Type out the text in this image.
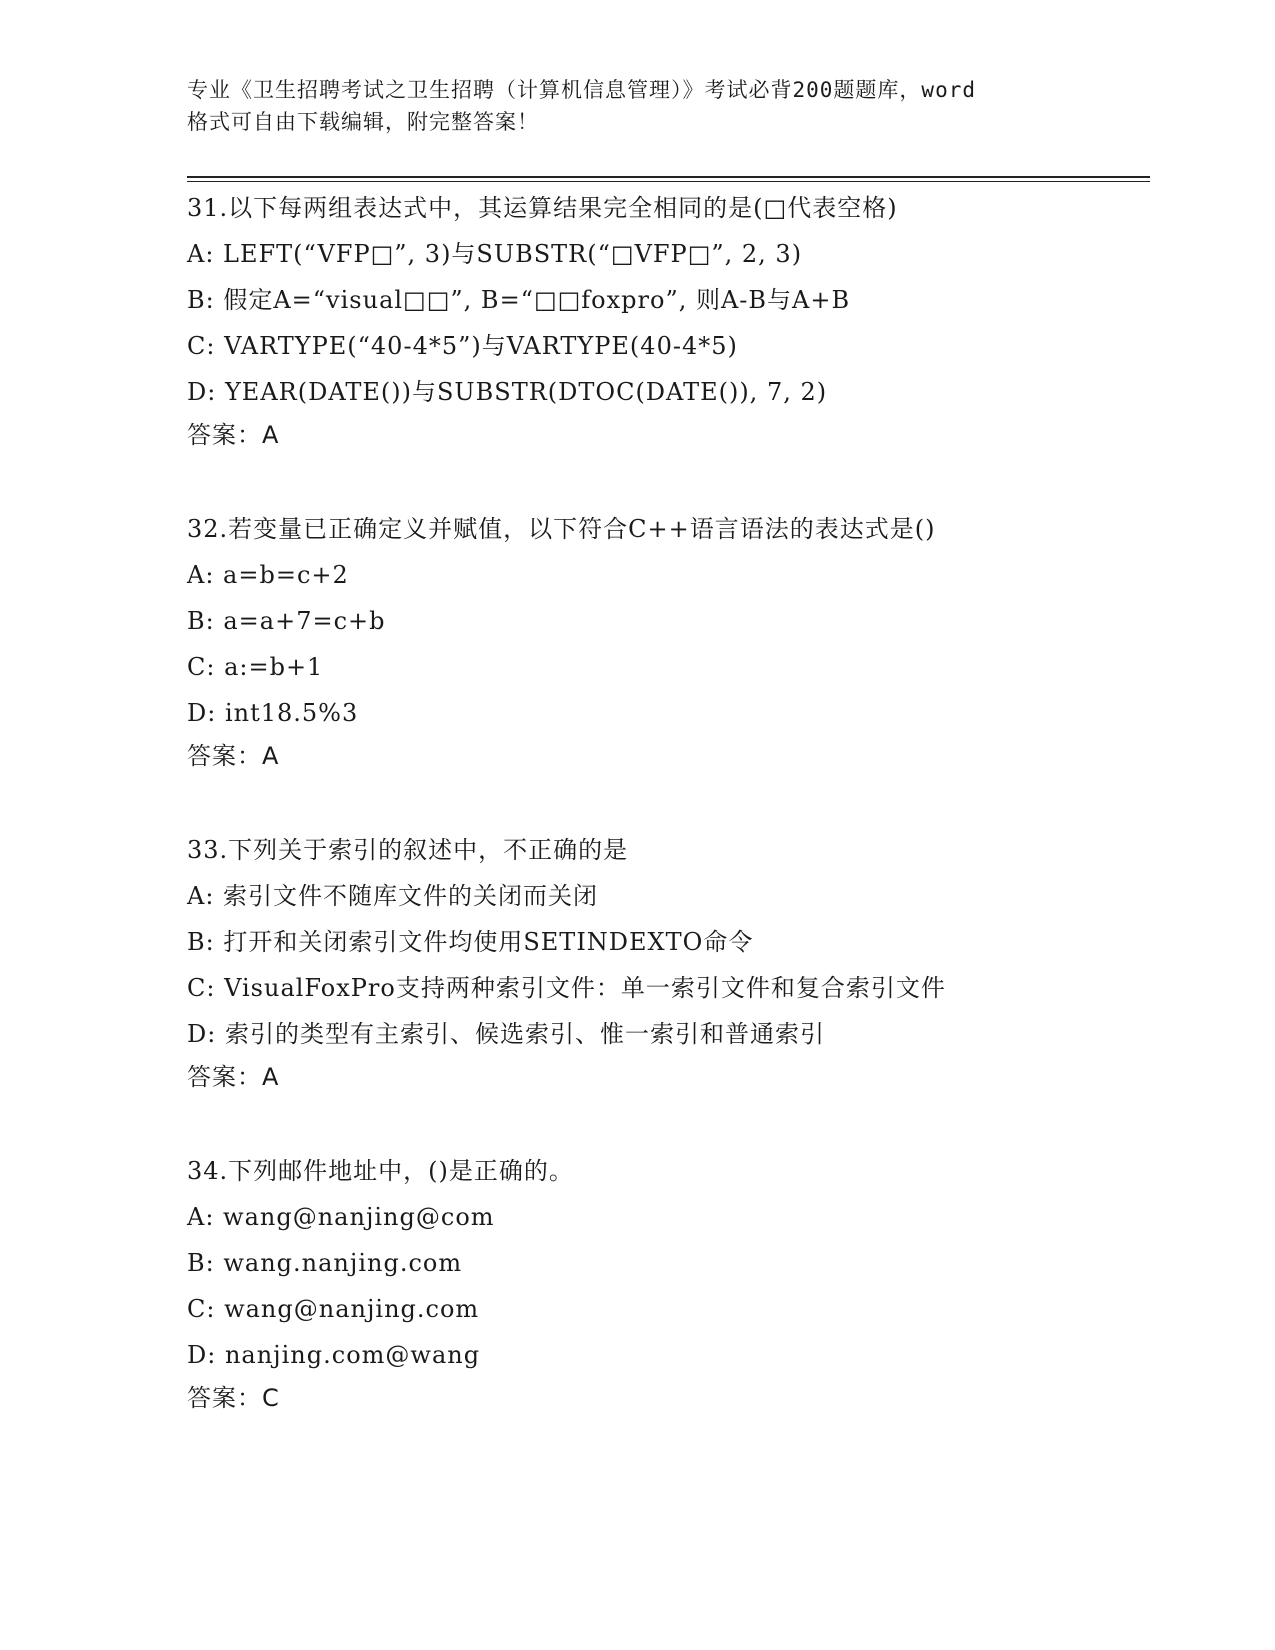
专业《卫生招聘考试之卫生招聘（计算机信息管理）》考试必背200题题库，word
格式可自由下载编辑，附完整答案！
31.以下每两组表达式中，其运算结果完全相同的是(□代表空格)
A: LEFT(“VFP□”, 3)与SUBSTR(“□VFP□”, 2, 3)
B: 假定A=“visual□□”, B=“□□foxpro”, 则A-B与A+B
C: VARTYPE(“40-4*5”)与VARTYPE(40-4*5)
D: YEAR(DATE())与SUBSTR(DTOC(DATE()), 7, 2)
答案：A
32.若变量已正确定义并赋值，以下符合C++语言语法的表达式是()
A: a=b=c+2
B: a=a+7=c+b
C: a:=b+1
D: int18.5%3
答案：A
33.下列关于索引的叙述中，不正确的是
A: 索引文件不随库文件的关闭而关闭
B: 打开和关闭索引文件均使用SETINDEXTO命令
C: VisualFoxPro支持两种索引文件：单一索引文件和复合索引文件
D: 索引的类型有主索引、候选索引、惟一索引和普通索引
答案：A
34.下列邮件地址中，()是正确的。
A: wang@nanjing@com
B: wang.nanjing.com
C: wang@nanjing.com
D: nanjing.com@wang
答案：C
